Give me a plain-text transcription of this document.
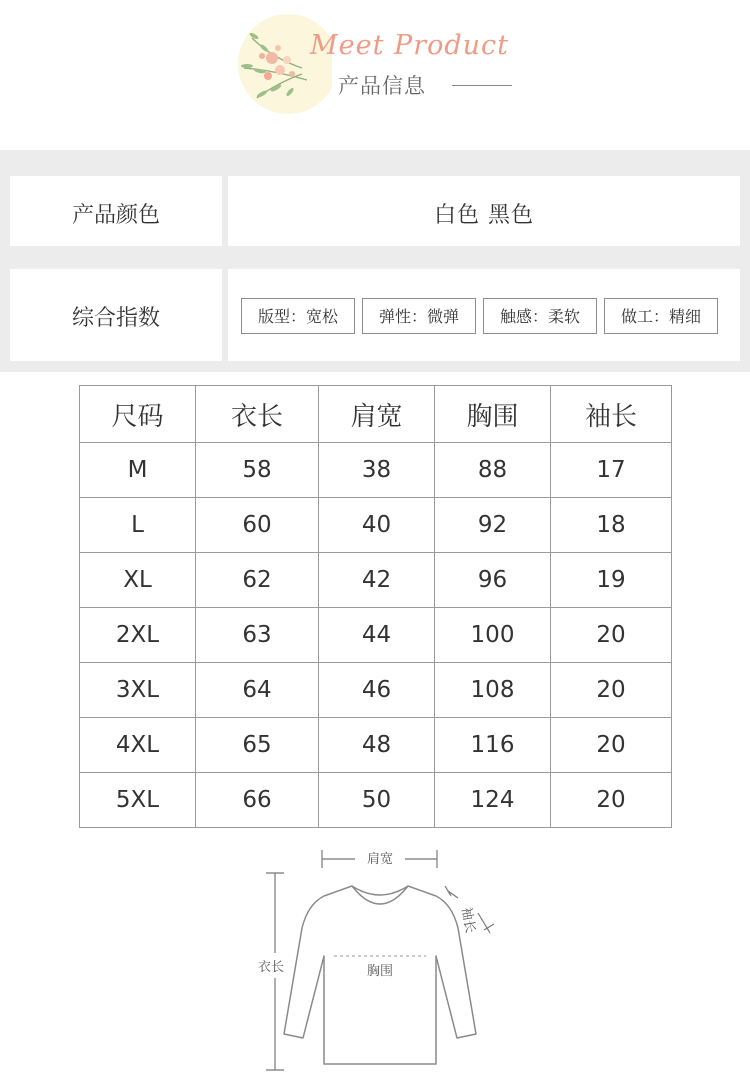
Meet Product
产品信息
产品颜色	白色 黑色
综合指数	版型：宽松	弹性：微弹	触感：柔软	做工：精细
尺码	衣长	肩宽	胸围	袖长
M	58	38	88	17
L	60	40	92	18
XL	62	42	96	19
2XL	63	44	100	20
3XL	64	46	108	20
4XL	65	48	116	20
5XL	66	50	124	20
肩宽
衣长
袖长
胸围
